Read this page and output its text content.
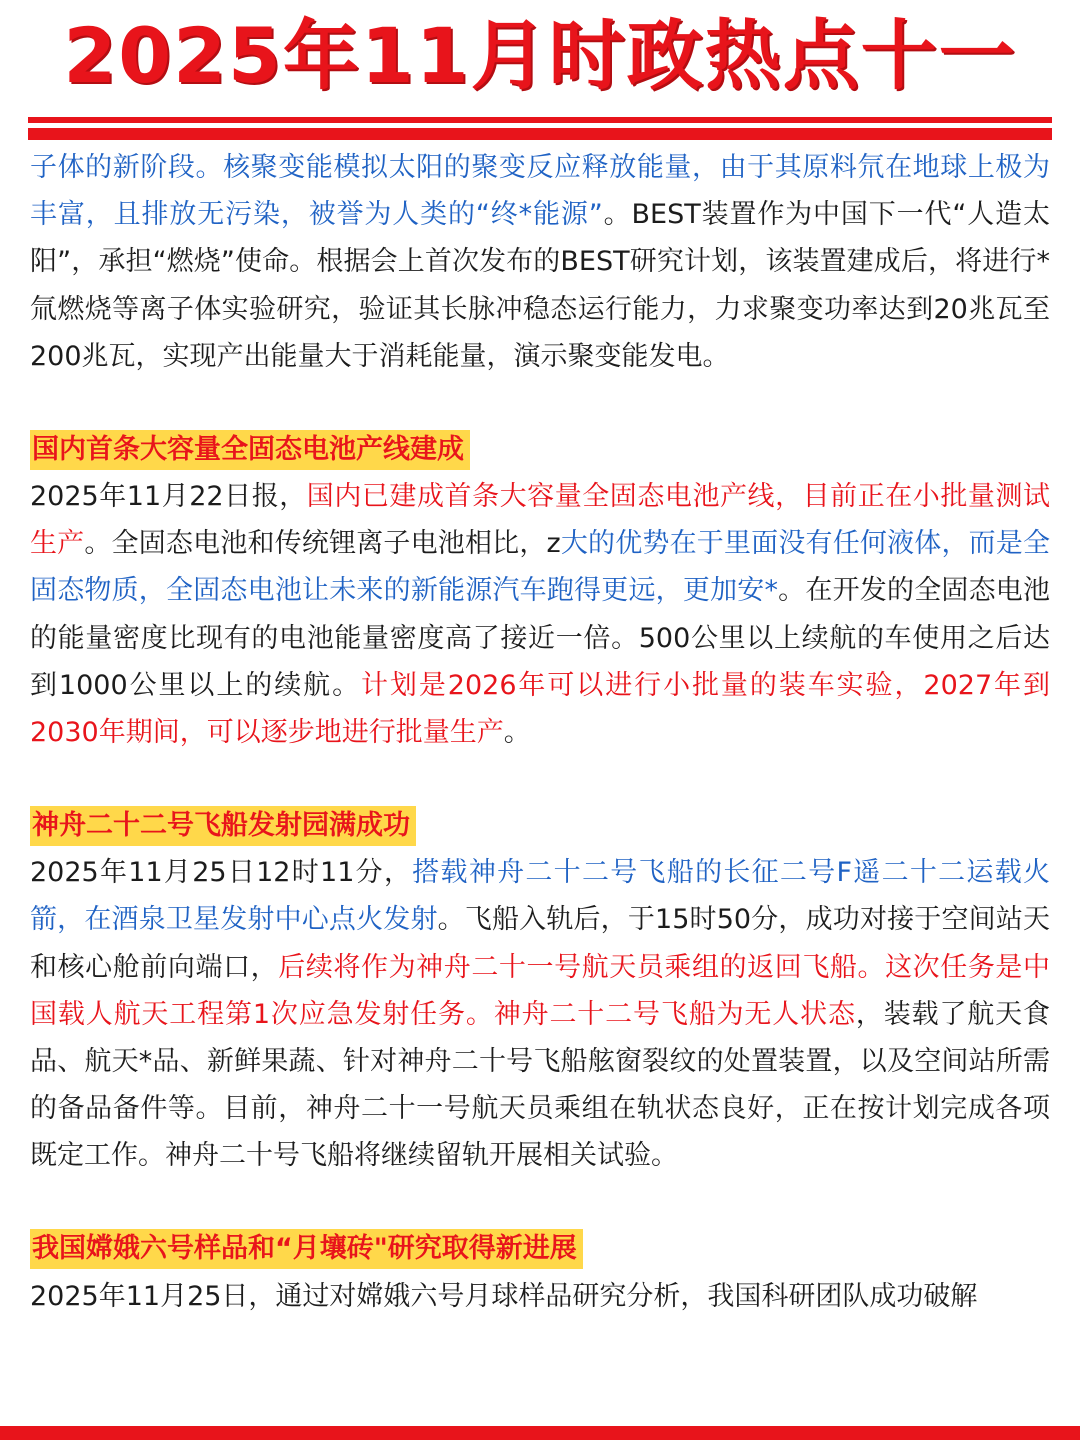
2025年11月时政热点十一

子体的新阶段。核聚变能模拟太阳的聚变反应释放能量，由于其原料氘在地球上极为丰富，且排放无污染，被誉为人类的“终*能源”。BEST装置作为中国下一代“人造太阳”，承担“燃烧”使命。根据会上首次发布的BEST研究计划，该装置建成后，将进行*氚燃烧等离子体实验研究，验证其长脉冲稳态运行能力，力求聚变功率达到20兆瓦至200兆瓦，实现产出能量大于消耗能量，演示聚变能发电。

国内首条大容量全固态电池产线建成

2025年11月22日报，国内已建成首条大容量全固态电池产线，目前正在小批量测试生产。全固态电池和传统锂离子电池相比，z大的优势在于里面没有任何液体，而是全固态物质，全固态电池让未来的新能源汽车跑得更远，更加安*。在开发的全固态电池的能量密度比现有的电池能量密度高了接近一倍。500公里以上续航的车使用之后达到1000公里以上的续航。计划是2026年可以进行小批量的装车实验，2027年到2030年期间，可以逐步地进行批量生产。

神舟二十二号飞船发射园满成功

2025年11月25日12时11分，搭载神舟二十二号飞船的长征二号F遥二十二运载火箭，在酒泉卫星发射中心点火发射。飞船入轨后，于15时50分，成功对接于空间站天和核心舱前向端口，后续将作为神舟二十一号航天员乘组的返回飞船。这次任务是中国载人航天工程第1次应急发射任务。神舟二十二号飞船为无人状态，装载了航天食品、航天*品、新鲜果蔬、针对神舟二十号飞船舷窗裂纹的处置装置，以及空间站所需的备品备件等。目前，神舟二十一号航天员乘组在轨状态良好，正在按计划完成各项既定工作。神舟二十号飞船将继续留轨开展相关试验。

我国嫦娥六号样品和“月壤砖"研究取得新进展

2025年11月25日，通过对嫦娥六号月球样品研究分析，我国科研团队成功破解
